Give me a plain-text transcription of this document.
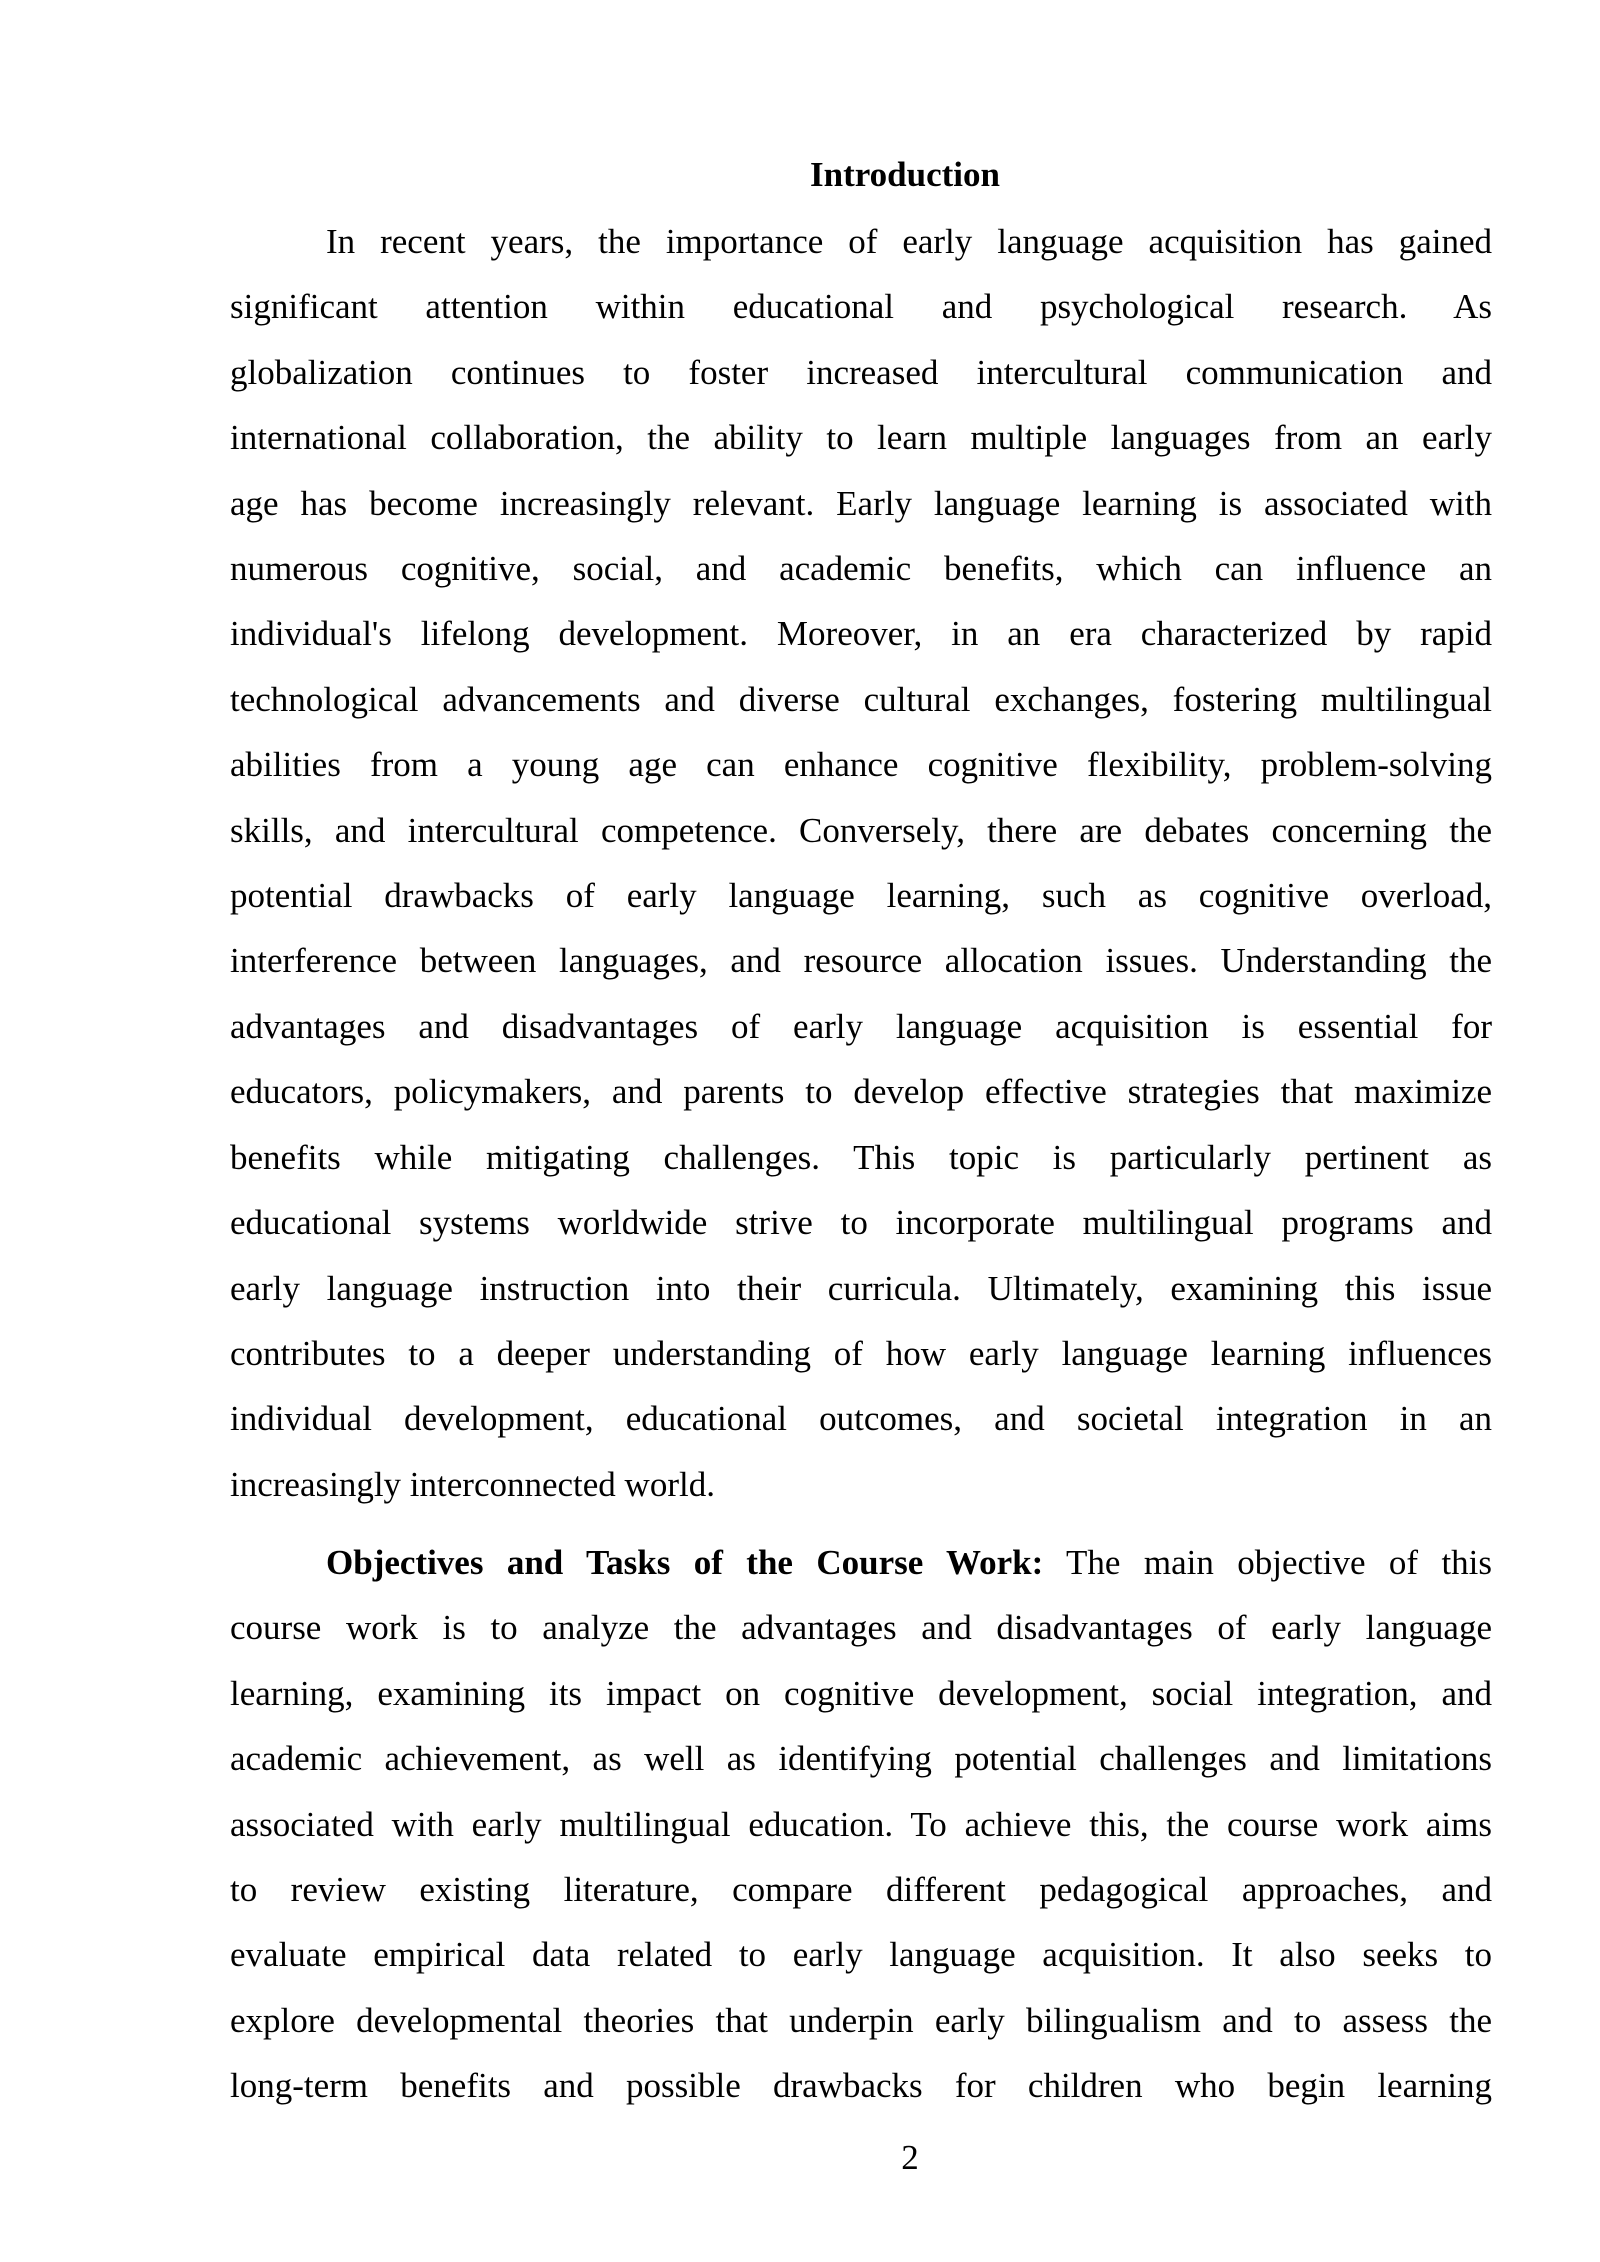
Introduction
In recent years, the importance of early language acquisition has gained
significant attention within educational and psychological research. As
globalization continues to foster increased intercultural communication and
international collaboration, the ability to learn multiple languages from an early
age has become increasingly relevant. Early language learning is associated with
numerous cognitive, social, and academic benefits, which can influence an
individual's lifelong development. Moreover, in an era characterized by rapid
technological advancements and diverse cultural exchanges, fostering multilingual
abilities from a young age can enhance cognitive flexibility, problem-solving
skills, and intercultural competence. Conversely, there are debates concerning the
potential drawbacks of early language learning, such as cognitive overload,
interference between languages, and resource allocation issues. Understanding the
advantages and disadvantages of early language acquisition is essential for
educators, policymakers, and parents to develop effective strategies that maximize
benefits while mitigating challenges. This topic is particularly pertinent as
educational systems worldwide strive to incorporate multilingual programs and
early language instruction into their curricula. Ultimately, examining this issue
contributes to a deeper understanding of how early language learning influences
individual development, educational outcomes, and societal integration in an
increasingly interconnected world.
Objectives and Tasks of the Course Work: The main objective of this
course work is to analyze the advantages and disadvantages of early language
learning, examining its impact on cognitive development, social integration, and
academic achievement, as well as identifying potential challenges and limitations
associated with early multilingual education. To achieve this, the course work aims
to review existing literature, compare different pedagogical approaches, and
evaluate empirical data related to early language acquisition. It also seeks to
explore developmental theories that underpin early bilingualism and to assess the
long-term benefits and possible drawbacks for children who begin learning
2
